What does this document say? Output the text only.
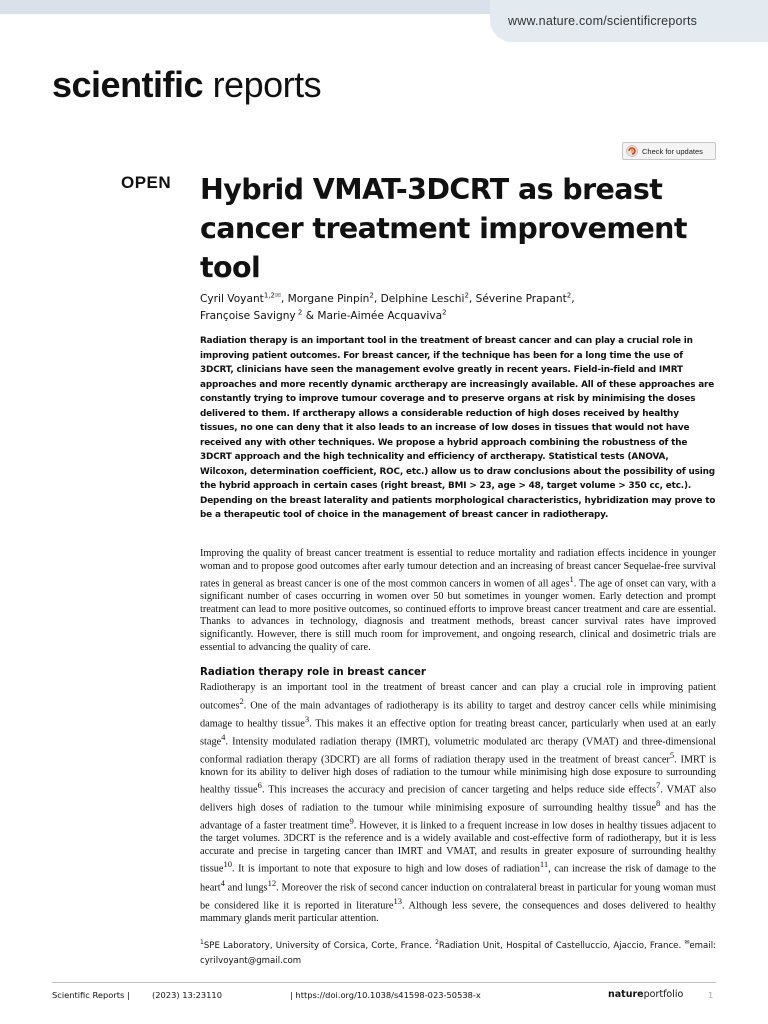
www.nature.com/scientificreports
scientific reports
Check for updates
OPEN Hybrid VMAT-3DCRT as breast cancer treatment improvement tool
Cyril Voyant$^{1,2✉}$, Morgane Pinpin$^2$, Delphine Leschi$^2$, Séverine Prapant$^2$,
Françoise Savigny $^2$ & Marie-Aimée Acquaviva$^2$

Radiation therapy is an important tool in the treatment of breast cancer and can play a crucial role in improving patient outcomes. For breast cancer, if the technique has been for a long time the use of 3DCRT, clinicians have seen the management evolve greatly in recent years. Field-in-field and IMRT approaches and more recently dynamic arctherapy are increasingly available. All of these approaches are constantly trying to improve tumour coverage and to preserve organs at risk by minimising the doses delivered to them. If arctherapy allows a considerable reduction of high doses received by healthy tissues, no one can deny that it also leads to an increase of low doses in tissues that would not have received any with other techniques. We propose a hybrid approach combining the robustness of the 3DCRT approach and the high technicality and efficiency of arctherapy. Statistical tests (ANOVA, Wilcoxon, determination coefficient, ROC, etc.) allow us to draw conclusions about the possibility of using the hybrid approach in certain cases (right breast, BMI > 23, age > 48, target volume > 350 cc, etc.). Depending on the breast laterality and patients morphological characteristics, hybridization may prove to be a therapeutic tool of choice in the management of breast cancer in radiotherapy.

Improving the quality of breast cancer treatment is essential to reduce mortality and radiation effects incidence in younger woman and to propose good outcomes after early tumour detection and an increasing of breast cancer Sequelae-free survival rates in general as breast cancer is one of the most common cancers in women of all ages$^1$. The age of onset can vary, with a significant number of cases occurring in women over 50 but sometimes in younger women. Early detection and prompt treatment can lead to more positive outcomes, so continued efforts to improve breast cancer treatment and care are essential. Thanks to advances in technology, diagnosis and treatment methods, breast cancer survival rates have improved significantly. However, there is still much room for improvement, and ongoing research, clinical and dosimetric trials are essential to advancing the quality of care.

Radiation therapy role in breast cancer

Radiotherapy is an important tool in the treatment of breast cancer and can play a crucial role in improving patient outcomes$^2$. One of the main advantages of radiotherapy is its ability to target and destroy cancer cells while minimising damage to healthy tissue$^3$. This makes it an effective option for treating breast cancer, particularly when used at an early stage$^4$. Intensity modulated radiation therapy (IMRT), volumetric modulated arc therapy (VMAT) and three-dimensional conformal radiation therapy (3DCRT) are all forms of radiation therapy used in the treatment of breast cancer$^5$. IMRT is known for its ability to deliver high doses of radiation to the tumour while minimising high dose exposure to surrounding healthy tissue$^6$. This increases the accuracy and precision of cancer targeting and helps reduce side effects$^7$. VMAT also delivers high doses of radiation to the tumour while minimising exposure of surrounding healthy tissue$^8$ and has the advantage of a faster treatment time$^9$. However, it is linked to a frequent increase in low doses in healthy tissues adjacent to the target volumes. 3DCRT is the reference and is a widely available and cost-effective form of radiotherapy, but it is less accurate and precise in targeting cancer than IMRT and VMAT, and results in greater exposure of surrounding healthy tissue$^{10}$. It is important to note that exposure to high and low doses of radiation$^{11}$, can increase the risk of damage to the heart$^4$ and lungs$^{12}$. Moreover the risk of second cancer induction on contralateral breast in particular for young woman must be considered like it is reported in literature$^{13}$. Although less severe, the consequences and doses delivered to healthy mammary glands merit particular attention.

$^1$SPE Laboratory, University of Corsica, Corte, France. $^2$Radiation Unit, Hospital of Castelluccio, Ajaccio, France. ✉email: cyrilvoyant@gmail.com

Scientific Reports |	(2023) 13:23110	| https://doi.org/10.1038/s41598-023-50538-x	natureportfolio	1
